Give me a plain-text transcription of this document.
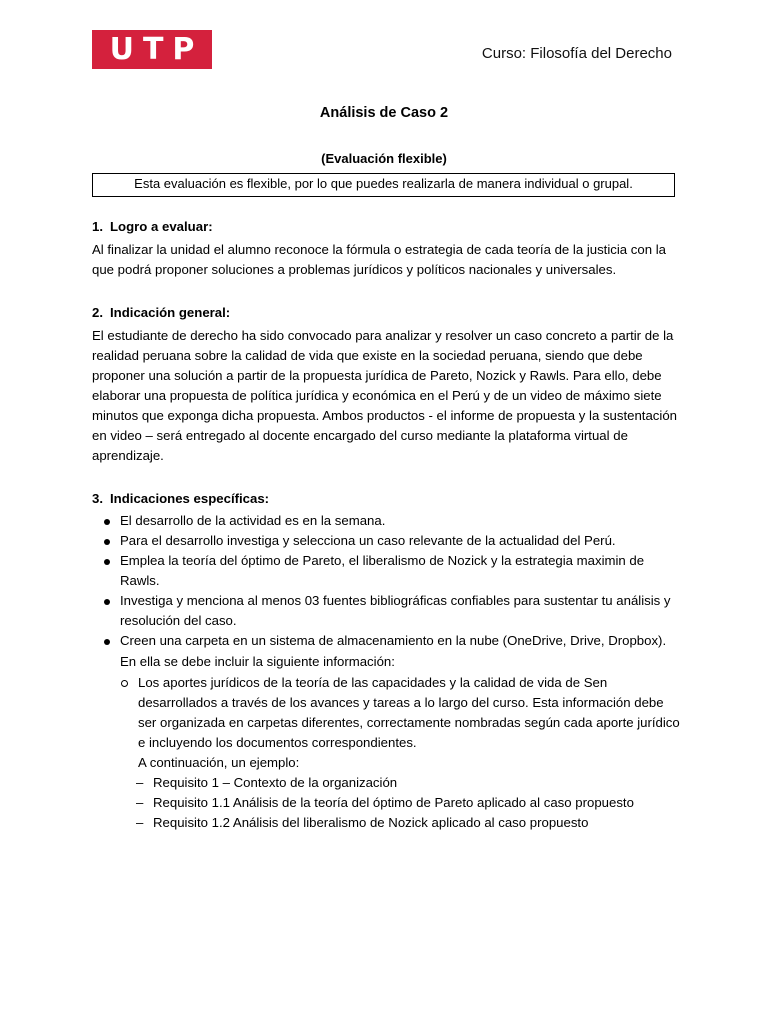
UTP	Curso: Filosofía del Derecho
Análisis de Caso 2
(Evaluación flexible)
Esta evaluación es flexible, por lo que puedes realizarla de manera individual o grupal.

1. Logro a evaluar:

Al finalizar la unidad el alumno reconoce la fórmula o estrategia de cada teoría de la justicia con la que podrá proponer soluciones a problemas jurídicos y políticos nacionales y universales.

2. Indicación general:

El estudiante de derecho ha sido convocado para analizar y resolver un caso concreto a partir de la realidad peruana sobre la calidad de vida que existe en la sociedad peruana, siendo que debe proponer una solución a partir de la propuesta jurídica de Pareto, Nozick y Rawls. Para ello, debe elaborar una propuesta de política jurídica y económica en el Perú y de un video de máximo siete minutos que exponga dicha propuesta. Ambos productos - el informe de propuesta y la sustentación en video – será entregado al docente encargado del curso mediante la plataforma virtual de aprendizaje.

3. Indicaciones específicas:

El desarrollo de la actividad es en la semana.
Para el desarrollo investiga y selecciona un caso relevante de la actualidad del Perú.
Emplea la teoría del óptimo de Pareto, el liberalismo de Nozick y la estrategia maximin de Rawls.
Investiga y menciona al menos 03 fuentes bibliográficas confiables para sustentar tu análisis y resolución del caso.
Creen una carpeta en un sistema de almacenamiento en la nube (OneDrive, Drive, Dropbox).
En ella se debe incluir la siguiente información:
Los aportes jurídicos de la teoría de las capacidades y la calidad de vida de Sen desarrollados a través de los avances y tareas a lo largo del curso. Esta información debe ser organizada en carpetas diferentes, correctamente nombradas según cada aporte jurídico e incluyendo los documentos correspondientes.
A continuación, un ejemplo:
– Requisito 1 – Contexto de la organización
– Requisito 1.1 Análisis de la teoría del óptimo de Pareto aplicado al caso propuesto
– Requisito 1.2 Análisis del liberalismo de Nozick aplicado al caso propuesto
